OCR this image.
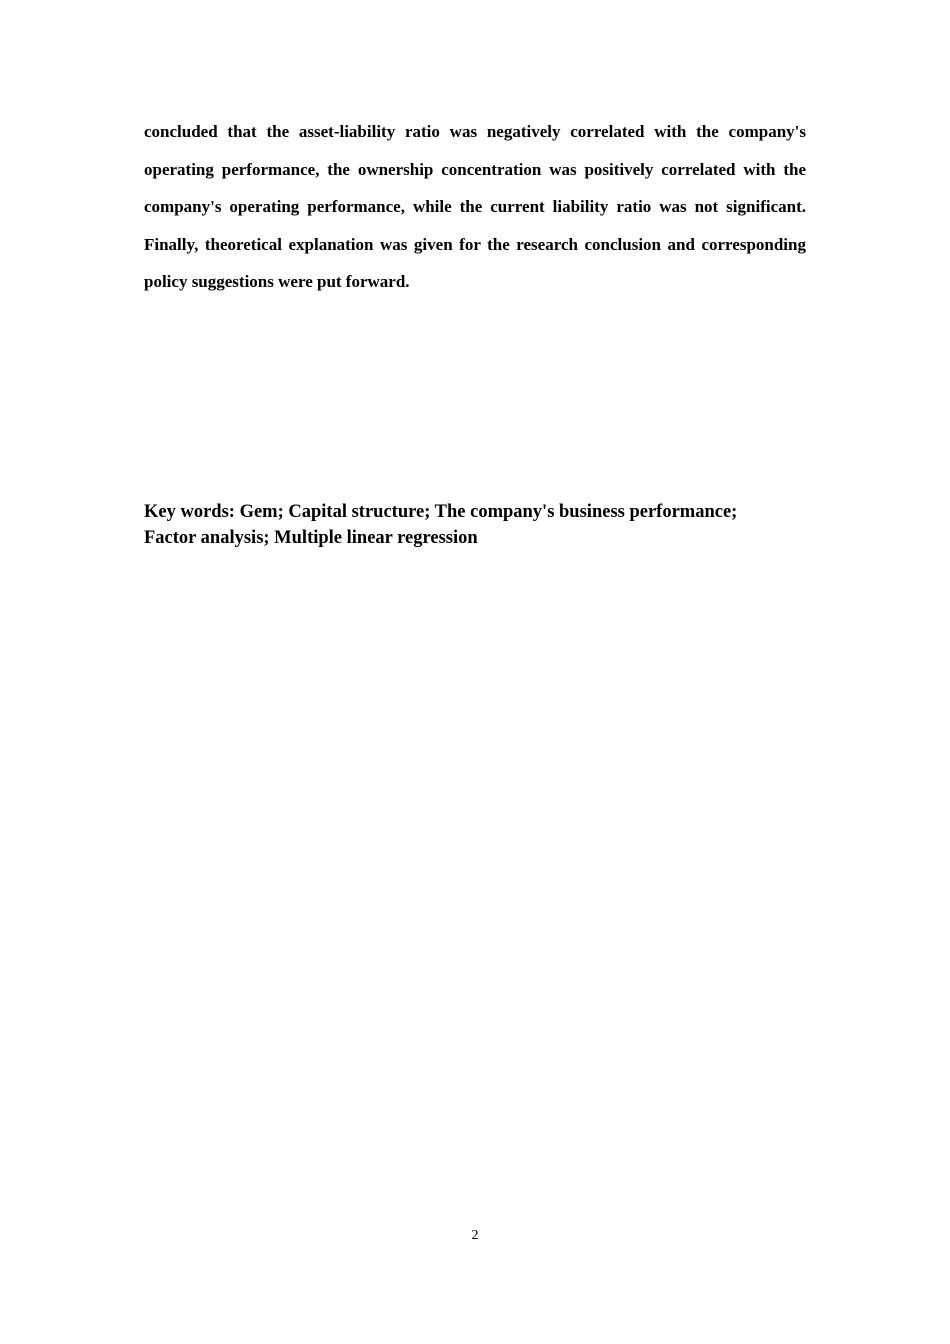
concluded that the asset-liability ratio was negatively correlated with the company's operating performance, the ownership concentration was positively correlated with the company's operating performance, while the current liability ratio was not significant. Finally, theoretical explanation was given for the research conclusion and corresponding policy suggestions were put forward.

Key words: Gem; Capital structure; The company's business performance;
Factor analysis; Multiple linear regression
2
